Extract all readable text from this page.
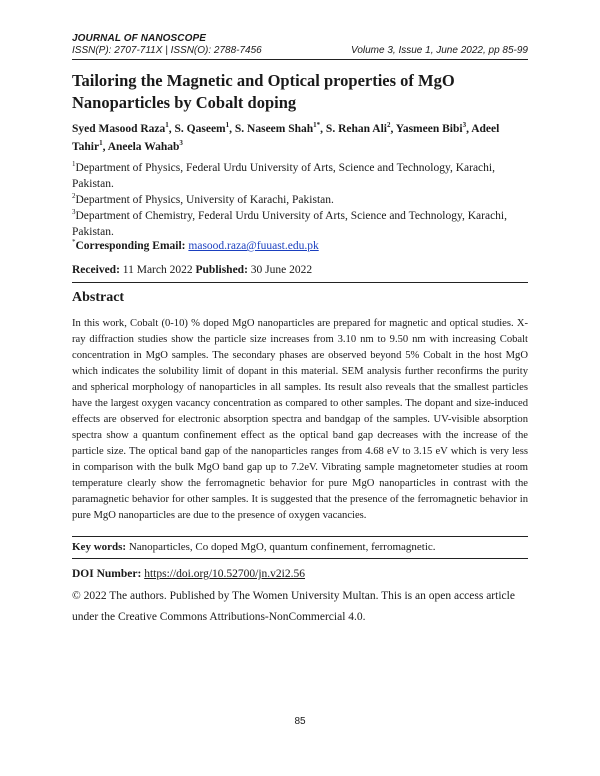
JOURNAL OF NANOSCOPE
ISSN(P): 2707-711X | ISSN(O): 2788-7456	Volume 3, Issue 1, June 2022, pp 85-99
Tailoring the Magnetic and Optical properties of MgO Nanoparticles by Cobalt doping
Syed Masood Raza$^1$, S. Qaseem$^1$, S. Naseem Shah$^{1*}$, S. Rehan Ali$^2$, Yasmeen Bibi$^3$, Adeel Tahir$^1$, Aneela Wahab$^3$
$^1$Department of Physics, Federal Urdu University of Arts, Science and Technology, Karachi, Pakistan.
$^2$Department of Physics, University of Karachi, Pakistan.
$^3$Department of Chemistry, Federal Urdu University of Arts, Science and Technology, Karachi, Pakistan.
*Corresponding Email: masood.raza@fuuast.edu.pk
Received: 11 March 2022 Published: 30 June 2022
Abstract
In this work, Cobalt (0-10) % doped MgO nanoparticles are prepared for magnetic and optical studies. X-ray diffraction studies show the particle size increases from 3.10 nm to 9.50 nm with increasing Cobalt concentration in MgO samples. The secondary phases are observed beyond 5% Cobalt in the host MgO which indicates the solubility limit of dopant in this material. SEM analysis further reconfirms the purity and spherical morphology of nanoparticles in all samples. Its result also reveals that the smallest particles have the largest oxygen vacancy concentration as compared to other samples. The dopant and size-induced effects are observed for electronic absorption spectra and bandgap of the samples. UV-visible absorption spectra show a quantum confinement effect as the optical band gap decreases with the increase of the particle size. The optical band gap of the nanoparticles ranges from 4.68 eV to 3.15 eV which is very less in comparison with the bulk MgO band gap up to 7.2eV. Vibrating sample magnetometer studies at room temperature clearly show the ferromagnetic behavior for pure MgO nanoparticles in contrast with the paramagnetic behavior for other samples. It is suggested that the presence of the ferromagnetic behavior in pure MgO nanoparticles are due to the presence of oxygen vacancies.
Key words: Nanoparticles, Co doped MgO, quantum confinement, ferromagnetic.
DOI Number: https://doi.org/10.52700/jn.v2i2.56
© 2022 The authors. Published by The Women University Multan. This is an open access article under the Creative Commons Attributions-NonCommercial 4.0.
85
